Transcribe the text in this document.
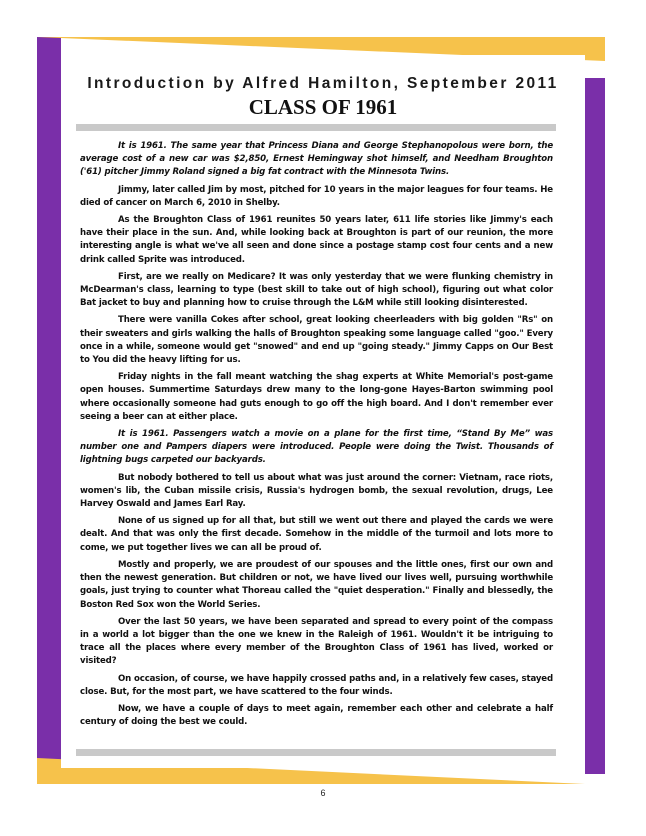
Introduction by Alfred Hamilton, September 2011
CLASS OF 1961

It is 1961. The same year that Princess Diana and George Stephanopolous were born, the average cost of a new car was $2,850, Ernest Hemingway shot himself, and Needham Broughton ('61) pitcher Jimmy Roland signed a big fat contract with the Minnesota Twins.

Jimmy, later called Jim by most, pitched for 10 years in the major leagues for four teams. He died of cancer on March 6, 2010 in Shelby.

As the Broughton Class of 1961 reunites 50 years later, 611 life stories like Jimmy's each have their place in the sun. And, while looking back at Broughton is part of our reunion, the more interesting angle is what we've all seen and done since a postage stamp cost four cents and a new drink called Sprite was introduced.

First, are we really on Medicare? It was only yesterday that we were flunking chemistry in McDearman's class, learning to type (best skill to take out of high school), figuring out what color Bat jacket to buy and planning how to cruise through the L&M while still looking disinterested.

There were vanilla Cokes after school, great looking cheerleaders with big golden "Rs" on their sweaters and girls walking the halls of Broughton speaking some language called "goo." Every once in a while, someone would get "snowed" and end up "going steady." Jimmy Capps on Our Best to You did the heavy lifting for us.

Friday nights in the fall meant watching the shag experts at White Memorial's post-game open houses. Summertime Saturdays drew many to the long-gone Hayes-Barton swimming pool where occasionally someone had guts enough to go off the high board. And I don't remember ever seeing a beer can at either place.

It is 1961. Passengers watch a movie on a plane for the first time, “Stand By Me” was number one and Pampers diapers were introduced. People were doing the Twist. Thousands of lightning bugs carpeted our backyards.

But nobody bothered to tell us about what was just around the corner: Vietnam, race riots, women's lib, the Cuban missile crisis, Russia's hydrogen bomb, the sexual revolution, drugs, Lee Harvey Oswald and James Earl Ray.

None of us signed up for all that, but still we went out there and played the cards we were dealt. And that was only the first decade. Somehow in the middle of the turmoil and lots more to come, we put together lives we can all be proud of.

Mostly and properly, we are proudest of our spouses and the little ones, first our own and then the newest generation. But children or not, we have lived our lives well, pursuing worthwhile goals, just trying to counter what Thoreau called the "quiet desperation." Finally and blessedly, the Boston Red Sox won the World Series.

Over the last 50 years, we have been separated and spread to every point of the compass in a world a lot bigger than the one we knew in the Raleigh of 1961. Wouldn't it be intriguing to trace all the places where every member of the Broughton Class of 1961 has lived, worked or visited?

On occasion, of course, we have happily crossed paths and, in a relatively few cases, stayed close. But, for the most part, we have scattered to the four winds.

Now, we have a couple of days to meet again, remember each other and celebrate a half century of doing the best we could.

6
